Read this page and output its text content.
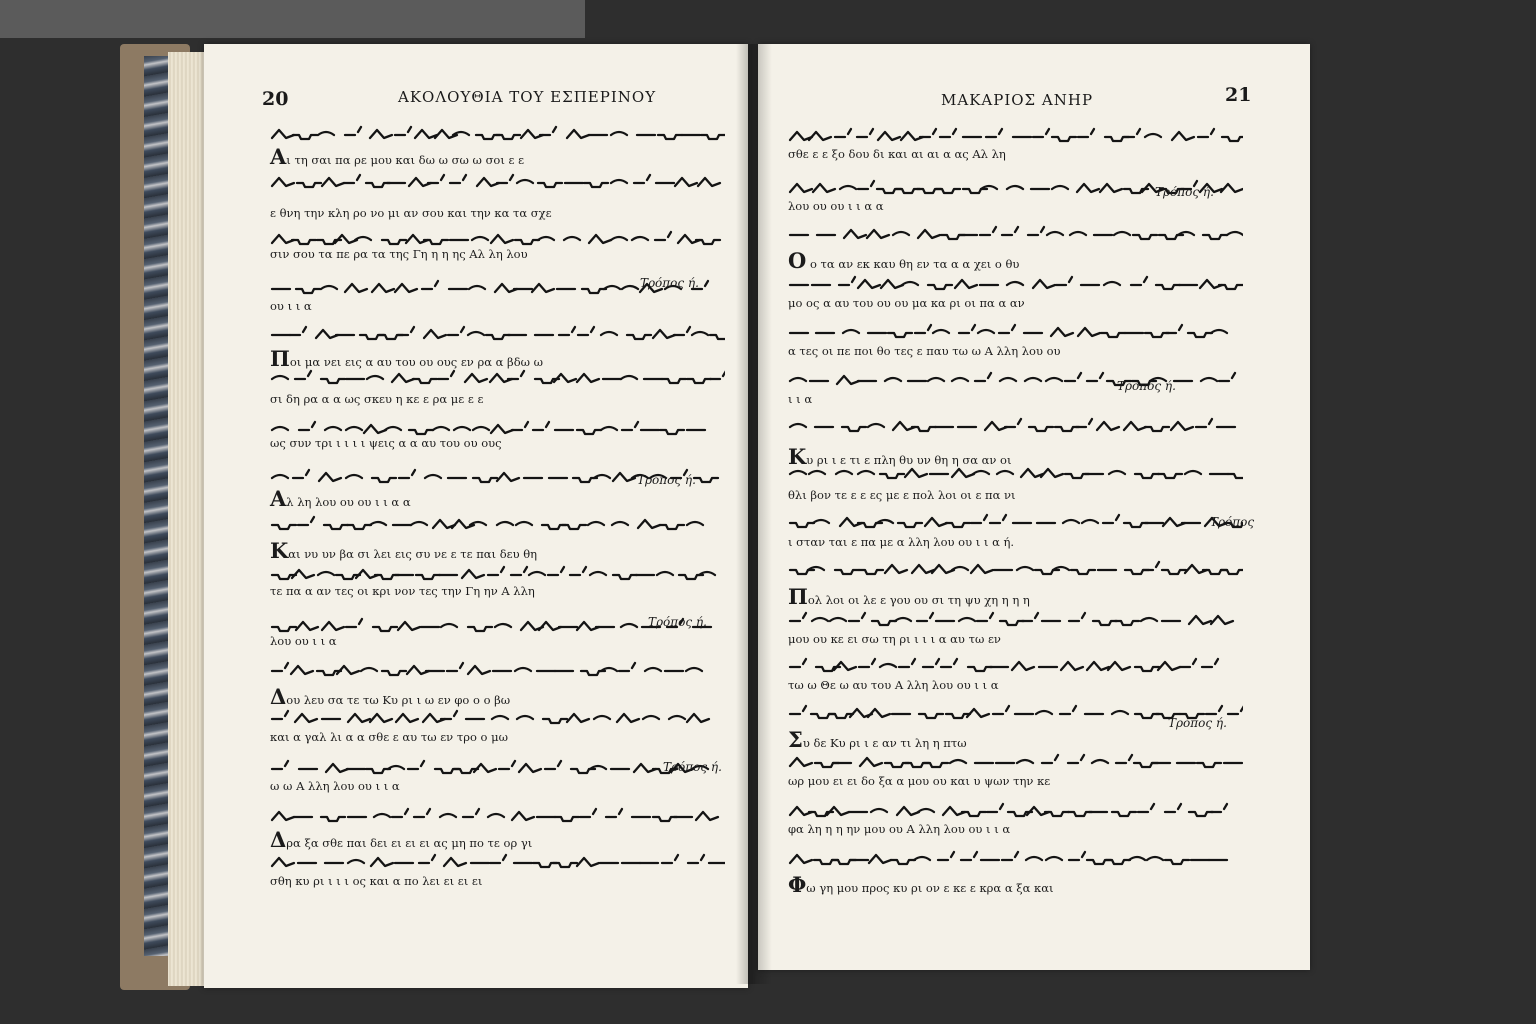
20	ΑΚΟΛΟΥΘΙΑ ΤΟΥ ΕΣΠΕΡΙΝΟΥ	ΜΑΚΑΡΙΟΣ ΑΝΗΡ	21
Αι τη σαι πα ρε μου και δω ω σω ω σοι ε ε
ε θνη την κλη ρο νο μι αν σου και την κα τα σχε
σιν σου τα πε ρα τα της Γη η η ης Αλ λη λου
ου ι ι α
Ποι μα νει εις α αυ του ου ους εν ρα α βδω ω
σι δη ρα α α ως σκευ η κε ε ρα με ε ε
ως συν τρι ι ι ι ι ψεις α α αυ του ου ους
Αλ λη λου ου ου ι ι α α
Και νυ υν βα σι λει εις συ νε ε τε παι δευ θη
τε πα α αν τες οι κρι νον τες την Γη ην Α λλη
λου ου ι ι α
Δου λευ σα τε τω Κυ ρι ι ω εν φο ο ο βω
και α γαλ λι α α σθε ε αυ τω εν τρο ο μω
ω ω Α λλη λου ου ι ι α
Δρα ξα σθε παι δει ει ει ει ας μη πο τε ορ γι
σθη κυ ρι ι ι ι ος και α πο λει ει ει ει
Τρόπος ή.
Τρόπος ή.
Τρόπος ή.
Τρόπος ή.
σθε ε ε ξο δου δι και αι αι α ας Αλ λη
λου ου ου ι ι α α
Ο ο τα αν εκ καυ θη εν τα α α χει ο θυ
μο ος α αυ του ου ου μα κα ρι οι πα α αν
α τες οι πε ποι θο τες ε παυ τω ω Α λλη λου ου
ι ι α
Κυ ρι ι ε τι ε πλη θυ υν θη η σα αν οι
θλι βον τε ε ε ες με ε πολ λοι οι ε πα νι
ι σταν ται ε πα με α λλη λου ου ι ι α ή.
Πολ λοι οι λε ε γου ου σι τη ψυ χη η η η
μου ου κε ει σω τη ρι ι ι ι α αυ τω εν
τω ω Θε ω αυ του Α λλη λου ου ι ι α
Συ δε Κυ ρι ι ε αν τι λη η πτω
ωρ μου ει ει δο ξα α μου ου και υ ψων την κε
φα λη η η ην μου ου Α λλη λου ου ι ι α
Φω γη μου προς κυ ρι ον ε κε ε κρα α ξα και
Τρόπος ή.
Τρόπος ή.
Τρόπος
Τρόπος ή.
